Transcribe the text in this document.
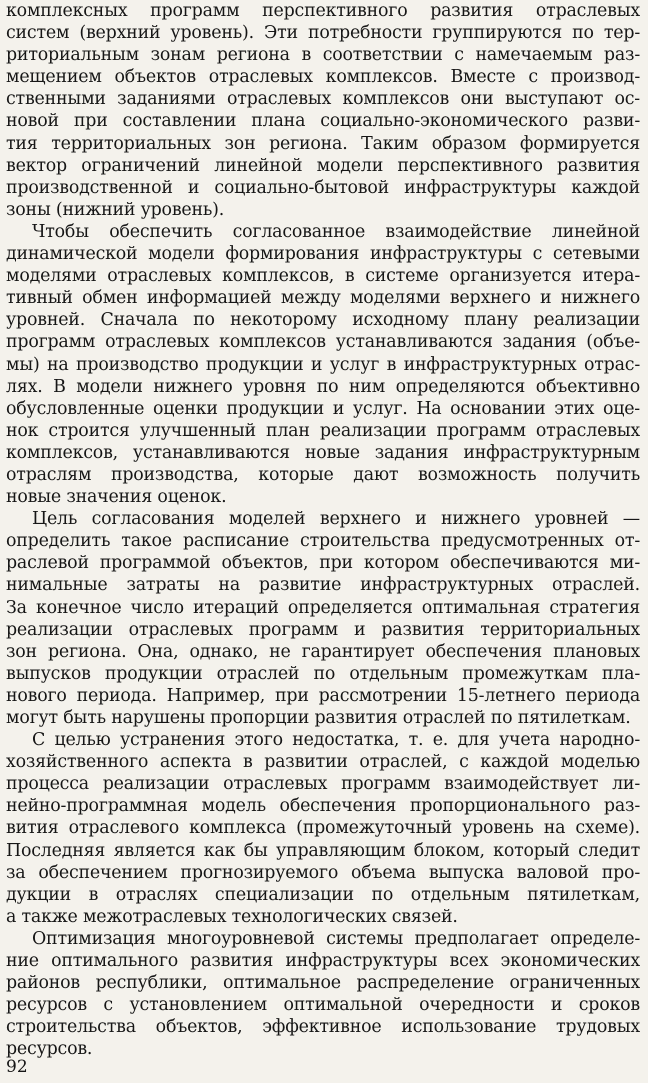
комплексных программ перспективного развития отраслевых
систем (верхний уровень). Эти потребности группируются по тер-
риториальным зонам региона в соответствии с намечаемым раз-
мещением объектов отраслевых комплексов. Вместе с производ-
ственными заданиями отраслевых комплексов они выступают ос-
новой при составлении плана социально-экономического разви-
тия территориальных зон региона. Таким образом формируется
вектор ограничений линейной модели перспективного развития
производственной и социально-бытовой инфраструктуры каждой
зоны (нижний уровень).
Чтобы обеспечить согласованное взаимодействие линейной
динамической модели формирования инфраструктуры с сетевыми
моделями отраслевых комплексов, в системе организуется итера-
тивный обмен информацией между моделями верхнего и нижнего
уровней. Сначала по некоторому исходному плану реализации
программ отраслевых комплексов устанавливаются задания (объе-
мы) на производство продукции и услуг в инфраструктурных отрас-
лях. В модели нижнего уровня по ним определяются объективно
обусловленные оценки продукции и услуг. На основании этих оце-
нок строится улучшенный план реализации программ отраслевых
комплексов, устанавливаются новые задания инфраструктурным
отраслям производства, которые дают возможность получить
новые значения оценок.
Цель согласования моделей верхнего и нижнего уровней —
определить такое расписание строительства предусмотренных от-
раслевой программой объектов, при котором обеспечиваются ми-
нимальные затраты на развитие инфраструктурных отраслей.
За конечное число итераций определяется оптимальная стратегия
реализации отраслевых программ и развития территориальных
зон региона. Она, однако, не гарантирует обеспечения плановых
выпусков продукции отраслей по отдельным промежуткам пла-
нового периода. Например, при рассмотрении 15-летнего периода
могут быть нарушены пропорции развития отраслей по пятилеткам.
С целью устранения этого недостатка, т. е. для учета народно-
хозяйственного аспекта в развитии отраслей, с каждой моделью
процесса реализации отраслевых программ взаимодействует ли-
нейно-программная модель обеспечения пропорционального раз-
вития отраслевого комплекса (промежуточный уровень на схеме).
Последняя является как бы управляющим блоком, который следит
за обеспечением прогнозируемого объема выпуска валовой про-
дукции в отраслях специализации по отдельным пятилеткам,
а также межотраслевых технологических связей.
Оптимизация многоуровневой системы предполагает определе-
ние оптимального развития инфраструктуры всех экономических
районов республики, оптимальное распределение ограниченных
ресурсов с установлением оптимальной очередности и сроков
строительства объектов, эффективное использование трудовых
ресурсов.
92
